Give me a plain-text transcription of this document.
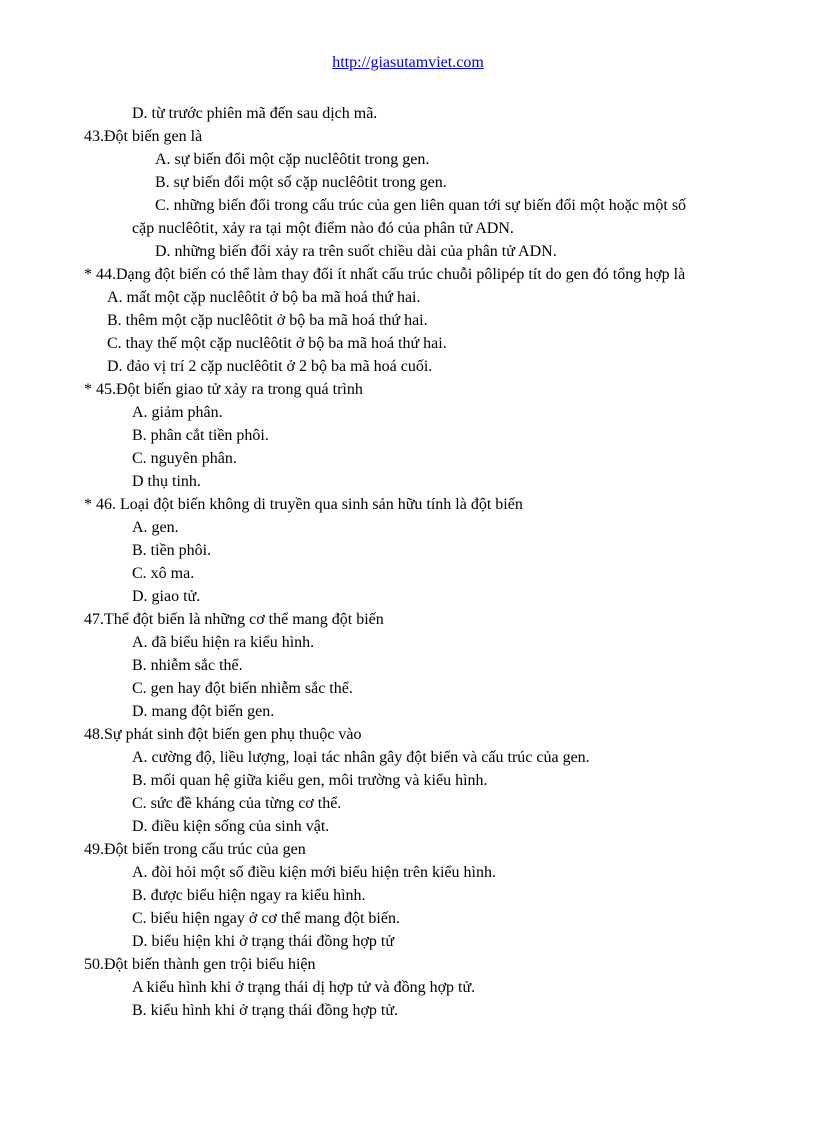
http://giasutamviet.com
D. từ trước phiên mã đến sau dịch mã.
43.Đột biến gen là
A. sự biến đổi một cặp nuclêôtit trong gen.
B. sự biến đổi một số cặp nuclêôtit trong gen.
C. những biến đổi trong cấu trúc của gen liên quan tới sự biến đổi một hoặc một số
cặp nuclêôtit, xảy ra tại một điểm nào đó của phân tử ADN.
D. những biến đổi xảy ra trên suốt chiều dài của phân tử ADN.
* 44.Dạng đột biến có thể làm thay đổi ít nhất cấu trúc chuỗi pôlipép tít do gen đó tổng hợp là
A. mất một cặp nuclêôtit ở bộ ba mã hoá thứ hai.
B. thêm một cặp nuclêôtit ở bộ ba mã hoá thứ hai.
C. thay thế một cặp nuclêôtit ở bộ ba mã hoá thứ hai.
D. đảo vị trí 2 cặp nuclêôtit ở 2 bộ ba mã hoá cuối.
* 45.Đột biến giao tử xảy ra trong quá trình
A. giảm phân.
B. phân cắt tiền phôi.
C. nguyên phân.
D thụ tinh.
* 46. Loại đột biến không di truyền qua sinh sản hữu tính là đột biến
A. gen.
B. tiền phôi.
C. xô ma.
D. giao tử.
47.Thể đột biến là những cơ thể mang đột biến
A. đã biểu hiện ra kiểu hình.
B. nhiễm sắc thể.
C. gen hay đột biến nhiễm sắc thể.
D. mang đột biến gen.
48.Sự phát sinh đột biến gen phụ thuộc vào
A. cường độ, liều lượng, loại tác nhân gây đột biến và cấu trúc của gen.
B. mối quan hệ giữa kiểu gen, môi trường và kiểu hình.
C. sức đề kháng của từng cơ thể.
D. điều kiện sống của sinh vật.
49.Đột biến trong cấu trúc của gen
A. đòi hỏi một số điều kiện mới biểu hiện trên kiểu hình.
B. được biểu hiện ngay ra kiểu hình.
C. biểu hiện ngay ở cơ thể mang đột biến.
D. biểu hiện khi ở trạng thái đồng hợp tử
50.Đột biến thành gen trội biểu hiện
A kiểu hình khi ở trạng thái dị hợp tử và đồng hợp tử.
B. kiểu hình khi ở trạng thái đồng hợp tử.
